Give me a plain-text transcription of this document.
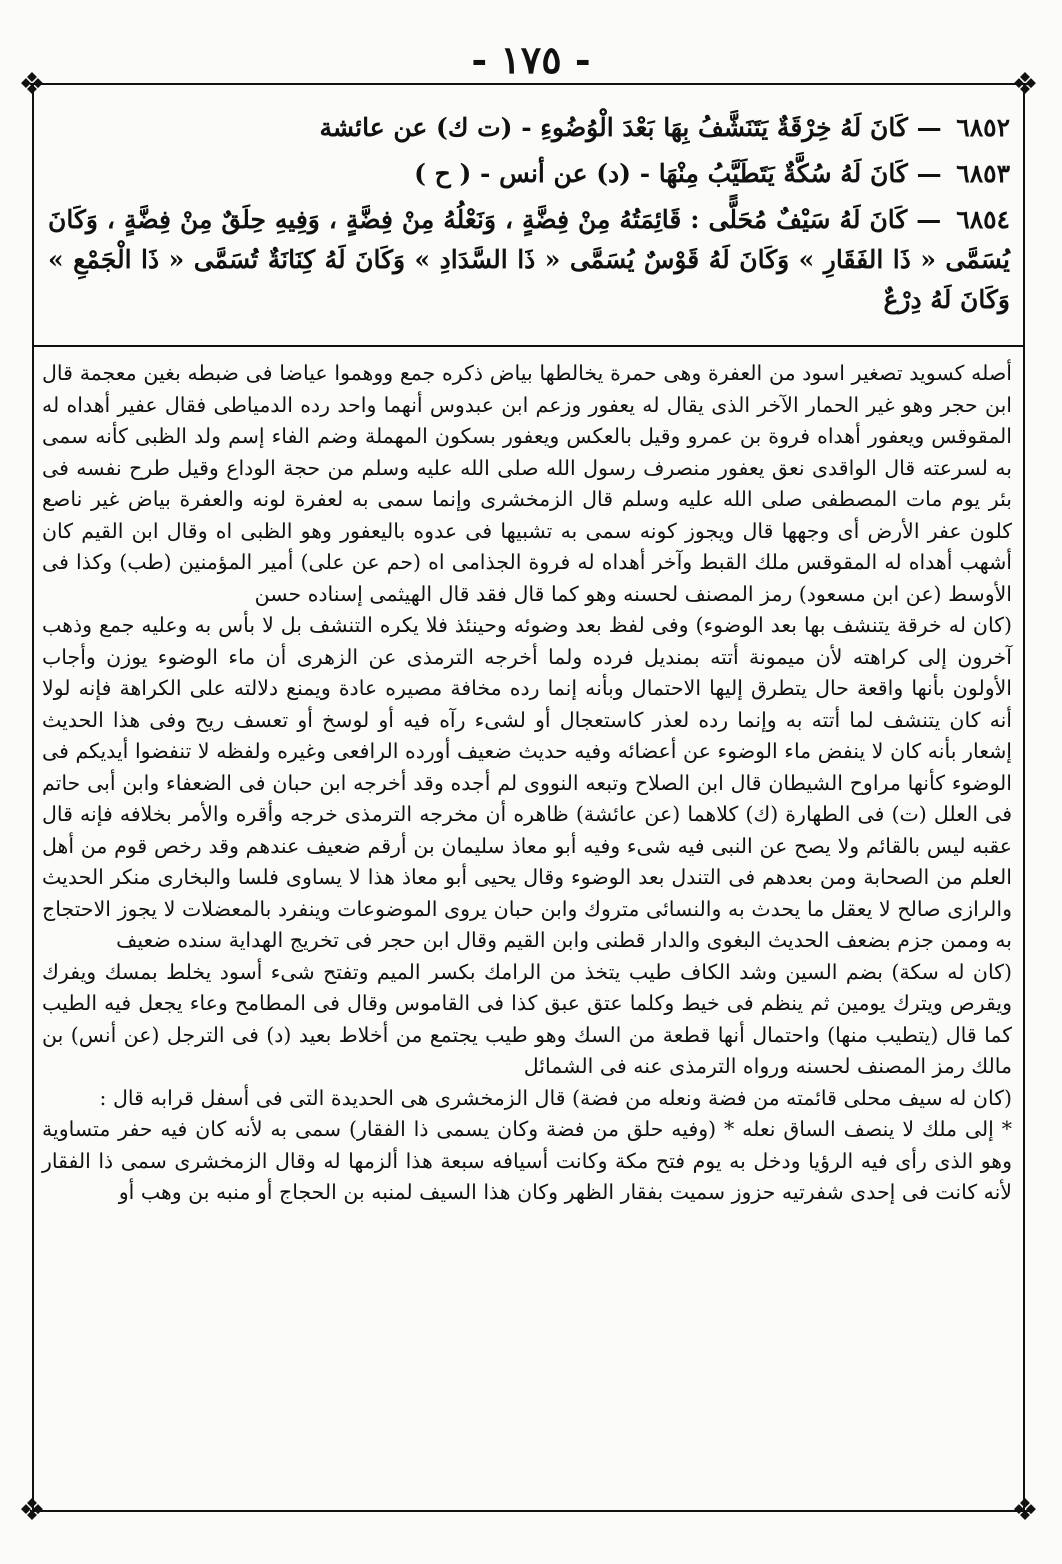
- ١٧٥ -
❖	❖
❖	❖

٦٨٥٢ — كَانَ لَهُ خِرْقَةٌ يَتَنَشَّفُ بِهَا بَعْدَ الْوُضُوءِ - (ت ك) عن عائشة

٦٨٥٣ — كَانَ لَهُ سُكَّةٌ يَتَطَيَّبُ مِنْهَا - (د) عن أنس - ( ح )

٦٨٥٤ — كَانَ لَهُ سَيْفٌ مُحَلًّى : قَائِمَتُهُ مِنْ فِضَّةٍ ، وَنَعْلُهُ مِنْ فِضَّةٍ ، وَفِيهِ حِلَقٌ مِنْ فِضَّةٍ ، وَكَانَ يُسَمَّى « ذَا الفَقَارِ » وَكَانَ لَهُ قَوْسٌ يُسَمَّى « ذَا السَّدَادِ » وَكَانَ لَهُ كِنَانَةٌ تُسَمَّى « ذَا الْجَمْعِ » وَكَانَ لَهُ دِرْعٌ

أصله كسويد تصغير اسود من العفرة وهى حمرة يخالطها بياض ذكره جمع ووهموا عياضا فى ضبطه بغين معجمة قال ابن حجر وهو غير الحمار الآخر الذى يقال له يعفور وزعم ابن عبدوس أنهما واحد رده الدمياطى فقال عفير أهداه له المقوقس ويعفور أهداه فروة بن عمرو وقيل بالعكس ويعفور بسكون المهملة وضم الفاء إسم ولد الظبى كأنه سمى به لسرعته قال الواقدى نعق يعفور منصرف رسول الله صلى الله عليه وسلم من حجة الوداع وقيل طرح نفسه فى بئر يوم مات المصطفى صلى الله عليه وسلم قال الزمخشرى وإنما سمى به لعفرة لونه والعفرة بياض غير ناصع كلون عفر الأرض أى وجهها قال ويجوز كونه سمى به تشبيها فى عدوه باليعفور وهو الظبى اه وقال ابن القيم كان أشهب أهداه له المقوقس ملك القبط وآخر أهداه له فروة الجذامى اه (حم عن على) أمير المؤمنين (طب) وكذا فى الأوسط (عن ابن مسعود) رمز المصنف لحسنه وهو كما قال فقد قال الهيثمى إسناده حسن

(كان له خرقة يتنشف بها بعد الوضوء) وفى لفظ بعد وضوئه وحينئذ فلا يكره التنشف بل لا بأس به وعليه جمع وذهب آخرون إلى كراهته لأن ميمونة أتته بمنديل فرده ولما أخرجه الترمذى عن الزهرى أن ماء الوضوء يوزن وأجاب الأولون بأنها واقعة حال يتطرق إليها الاحتمال وبأنه إنما رده مخافة مصيره عادة ويمنع دلالته على الكراهة فإنه لولا أنه كان يتنشف لما أتته به وإنما رده لعذر كاستعجال أو لشىء رآه فيه أو لوسخ أو تعسف ريح وفى هذا الحديث إشعار بأنه كان لا ينفض ماء الوضوء عن أعضائه وفيه حديث ضعيف أورده الرافعى وغيره ولفظه لا تنفضوا أيديكم فى الوضوء كأنها مراوح الشيطان قال ابن الصلاح وتبعه النووى لم أجده وقد أخرجه ابن حبان فى الضعفاء وابن أبى حاتم فى العلل (ت) فى الطهارة (ك) كلاهما (عن عائشة) ظاهره أن مخرجه الترمذى خرجه وأقره والأمر بخلافه فإنه قال عقبه ليس بالقائم ولا يصح عن النبى فيه شىء وفيه أبو معاذ سليمان بن أرقم ضعيف عندهم وقد رخص قوم من أهل العلم من الصحابة ومن بعدهم فى التندل بعد الوضوء وقال يحيى أبو معاذ هذا لا يساوى فلسا والبخارى منكر الحديث والرازى صالح لا يعقل ما يحدث به والنسائى متروك وابن حبان يروى الموضوعات وينفرد بالمعضلات لا يجوز الاحتجاج به وممن جزم بضعف الحديث البغوى والدار قطنى وابن القيم وقال ابن حجر فى تخريج الهداية سنده ضعيف

(كان له سكة) بضم السين وشد الكاف طيب يتخذ من الرامك بكسر الميم وتفتح شىء أسود يخلط بمسك ويفرك ويقرص ويترك يومين ثم ينظم فى خيط وكلما عتق عبق كذا فى القاموس وقال فى المطامح وعاء يجعل فيه الطيب كما قال (يتطيب منها) واحتمال أنها قطعة من السك وهو طيب يجتمع من أخلاط بعيد (د) فى الترجل (عن أنس) بن مالك رمز المصنف لحسنه ورواه الترمذى عنه فى الشمائل

(كان له سيف محلى قائمته من فضة ونعله من فضة) قال الزمخشرى هى الحديدة التى فى أسفل قرابه قال :

* إلى ملك لا ينصف الساق نعله * (وفيه حلق من فضة وكان يسمى ذا الفقار) سمى به لأنه كان فيه حفر متساوية وهو الذى رأى فيه الرؤيا ودخل به يوم فتح مكة وكانت أسيافه سبعة هذا ألزمها له وقال الزمخشرى سمى ذا الفقار لأنه كانت فى إحدى شفرتيه حزوز سميت بفقار الظهر وكان هذا السيف لمنبه بن الحجاج أو منبه بن وهب أو
